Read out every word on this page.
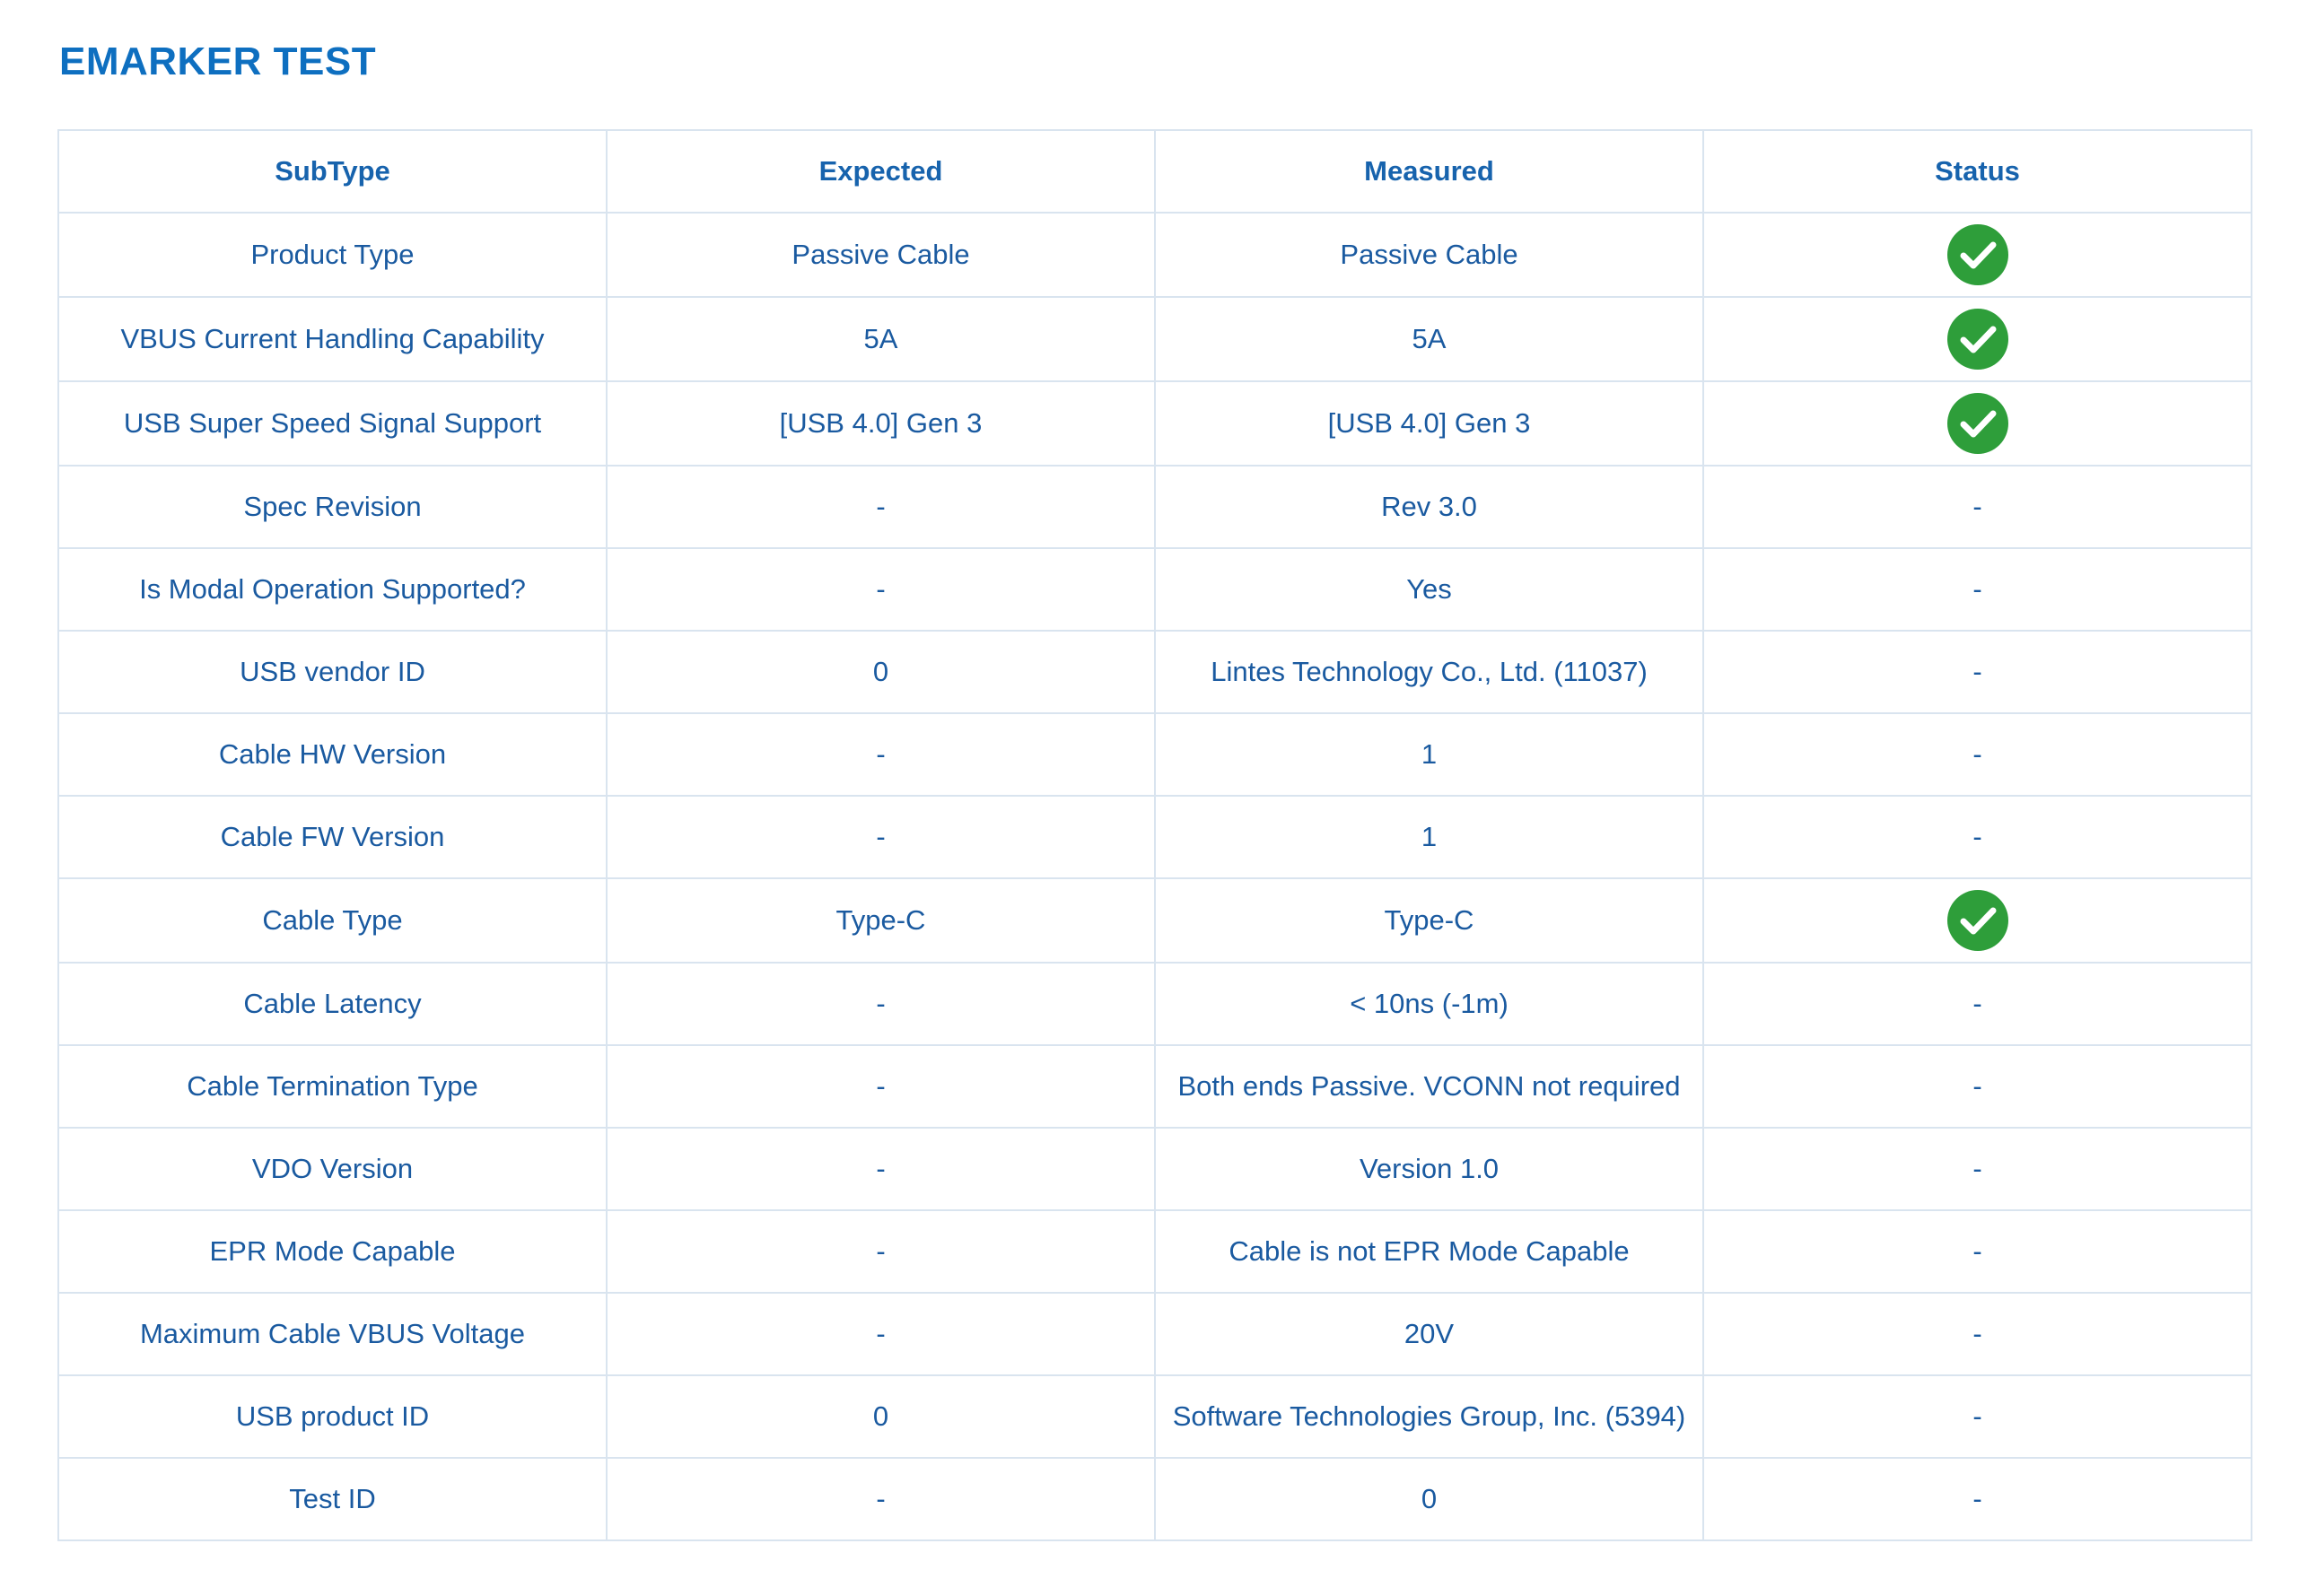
EMARKER TEST
SubType	Expected	Measured	Status
Product Type	Passive Cable	Passive Cable	

VBUS Current Handling Capability	5A	5A	

USB Super Speed Signal Support	[USB 4.0] Gen 3	[USB 4.0] Gen 3	

Spec Revision	-	Rev 3.0	-
Is Modal Operation Supported?	-	Yes	-
USB vendor ID	0	Lintes Technology Co., Ltd. (11037)	-
Cable HW Version	-	1	-
Cable FW Version	-	1	-
Cable Type	Type-C	Type-C	

Cable Latency	-	< 10ns (-1m)	-
Cable Termination Type	-	Both ends Passive. VCONN not required	-
VDO Version	-	Version 1.0	-
EPR Mode Capable	-	Cable is not EPR Mode Capable	-
Maximum Cable VBUS Voltage	-	20V	-
USB product ID	0	Software Technologies Group, Inc. (5394)	-
Test ID	-	0	-
